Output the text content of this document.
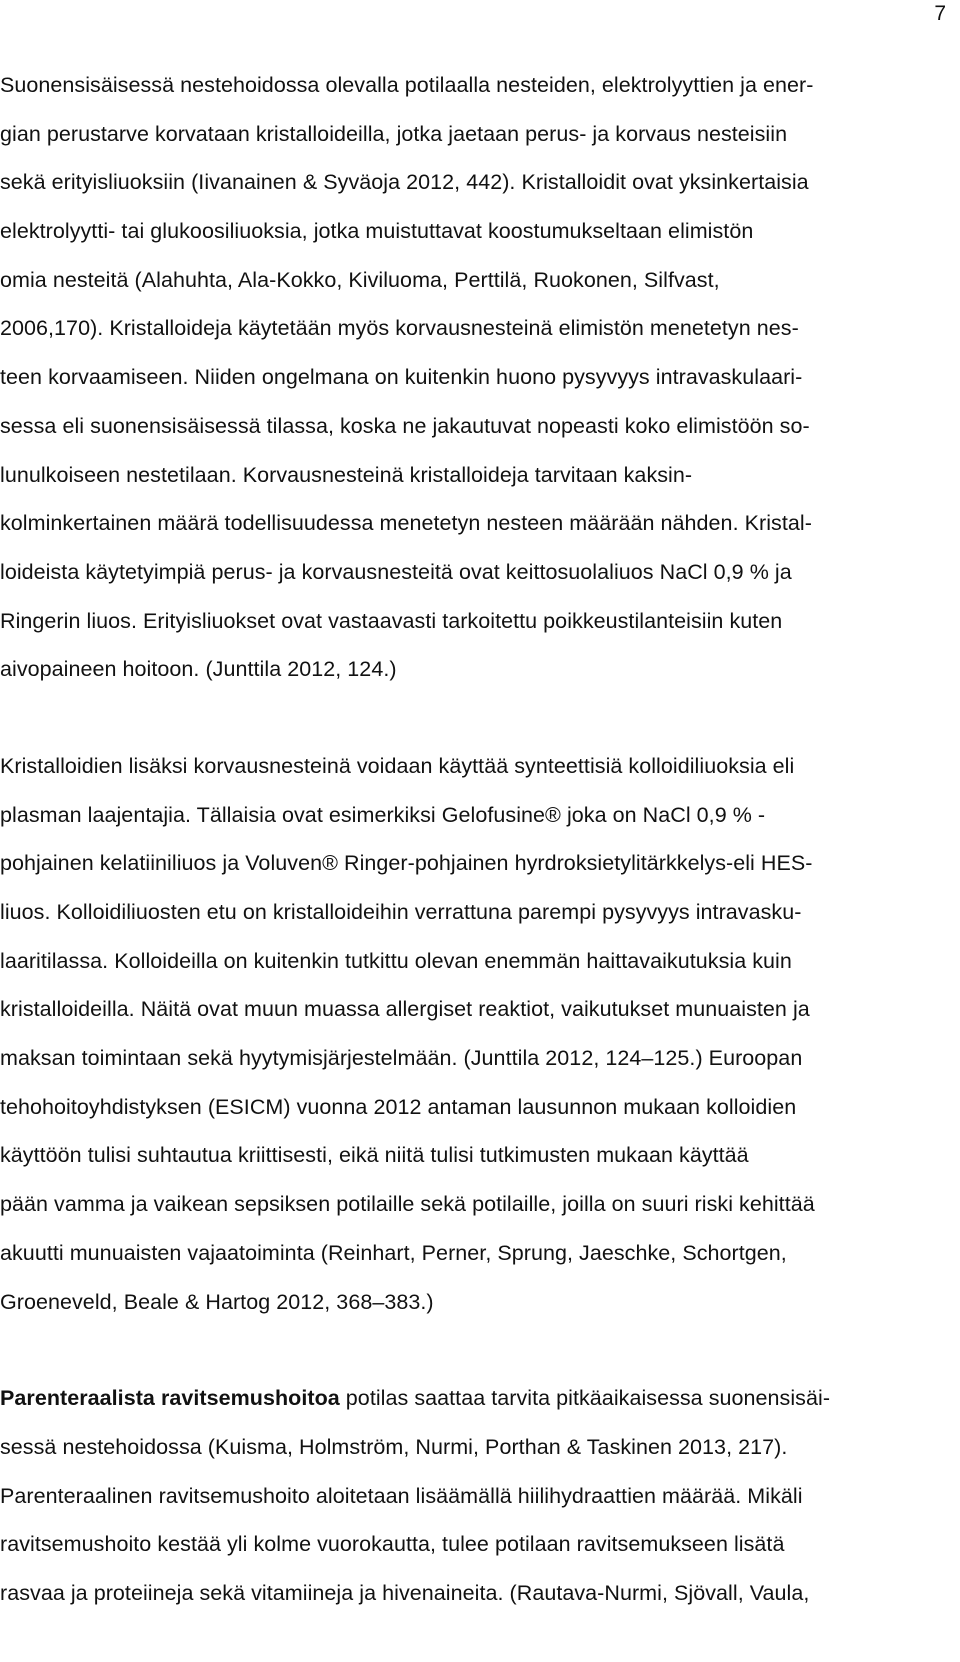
7

Suonensisäisessä nestehoidossa olevalla potilaalla nesteiden, elektrolyyttien ja ener-
gian perustarve korvataan kristalloideilla, jotka jaetaan perus- ja korvaus nesteisiin
sekä erityisliuoksiin (Iivanainen & Syväoja 2012, 442). Kristalloidit ovat yksinkertaisia
elektrolyytti- tai glukoosiliuoksia, jotka muistuttavat koostumukseltaan elimistön
omia nesteitä (Alahuhta, Ala-Kokko, Kiviluoma, Perttilä, Ruokonen, Silfvast,
2006,170). Kristalloideja käytetään myös korvausnesteinä elimistön menetetyn nes-
teen korvaamiseen. Niiden ongelmana on kuitenkin huono pysyvyys intravaskulaari-
sessa eli suonensisäisessä tilassa, koska ne jakautuvat nopeasti koko elimistöön so-
lunulkoiseen nestetilaan. Korvausnesteinä kristalloideja tarvitaan kaksin-
kolminkertainen määrä todellisuudessa menetetyn nesteen määrään nähden. Kristal-
loideista käytetyimpiä perus- ja korvausnesteitä ovat keittosuolaliuos NaCl 0,9 % ja
Ringerin liuos. Erityisliuokset ovat vastaavasti tarkoitettu poikkeustilanteisiin kuten
aivopaineen hoitoon. (Junttila 2012, 124.)

Kristalloidien lisäksi korvausnesteinä voidaan käyttää synteettisiä kolloidiliuoksia eli
plasman laajentajia. Tällaisia ovat esimerkiksi Gelofusine® joka on NaCl 0,9 % -
pohjainen kelatiiniliuos ja Voluven® Ringer-pohjainen hyrdroksietylitärkkelys-eli HES-
liuos. Kolloidiliuosten etu on kristalloideihin verrattuna parempi pysyvyys intravasku-
laaritilassa. Kolloideilla on kuitenkin tutkittu olevan enemmän haittavaikutuksia kuin
kristalloideilla. Näitä ovat muun muassa allergiset reaktiot, vaikutukset munuaisten ja
maksan toimintaan sekä hyytymisjärjestelmään. (Junttila 2012, 124–125.) Euroopan
tehohoitoyhdistyksen (ESICM) vuonna 2012 antaman lausunnon mukaan kolloidien
käyttöön tulisi suhtautua kriittisesti, eikä niitä tulisi tutkimusten mukaan käyttää
pään vamma ja vaikean sepsiksen potilaille sekä potilaille, joilla on suuri riski kehittää
akuutti munuaisten vajaatoiminta (Reinhart, Perner, Sprung, Jaeschke, Schortgen,
Groeneveld, Beale & Hartog 2012, 368–383.)

Parenteraalista ravitsemushoitoa potilas saattaa tarvita pitkäaikaisessa suonensisäi-
sessä nestehoidossa (Kuisma, Holmström, Nurmi, Porthan & Taskinen 2013, 217).
Parenteraalinen ravitsemushoito aloitetaan lisäämällä hiilihydraattien määrää. Mikäli
ravitsemushoito kestää yli kolme vuorokautta, tulee potilaan ravitsemukseen lisätä
rasvaa ja proteiineja sekä vitamiineja ja hivenaineita. (Rautava-Nurmi, Sjövall, Vaula,
